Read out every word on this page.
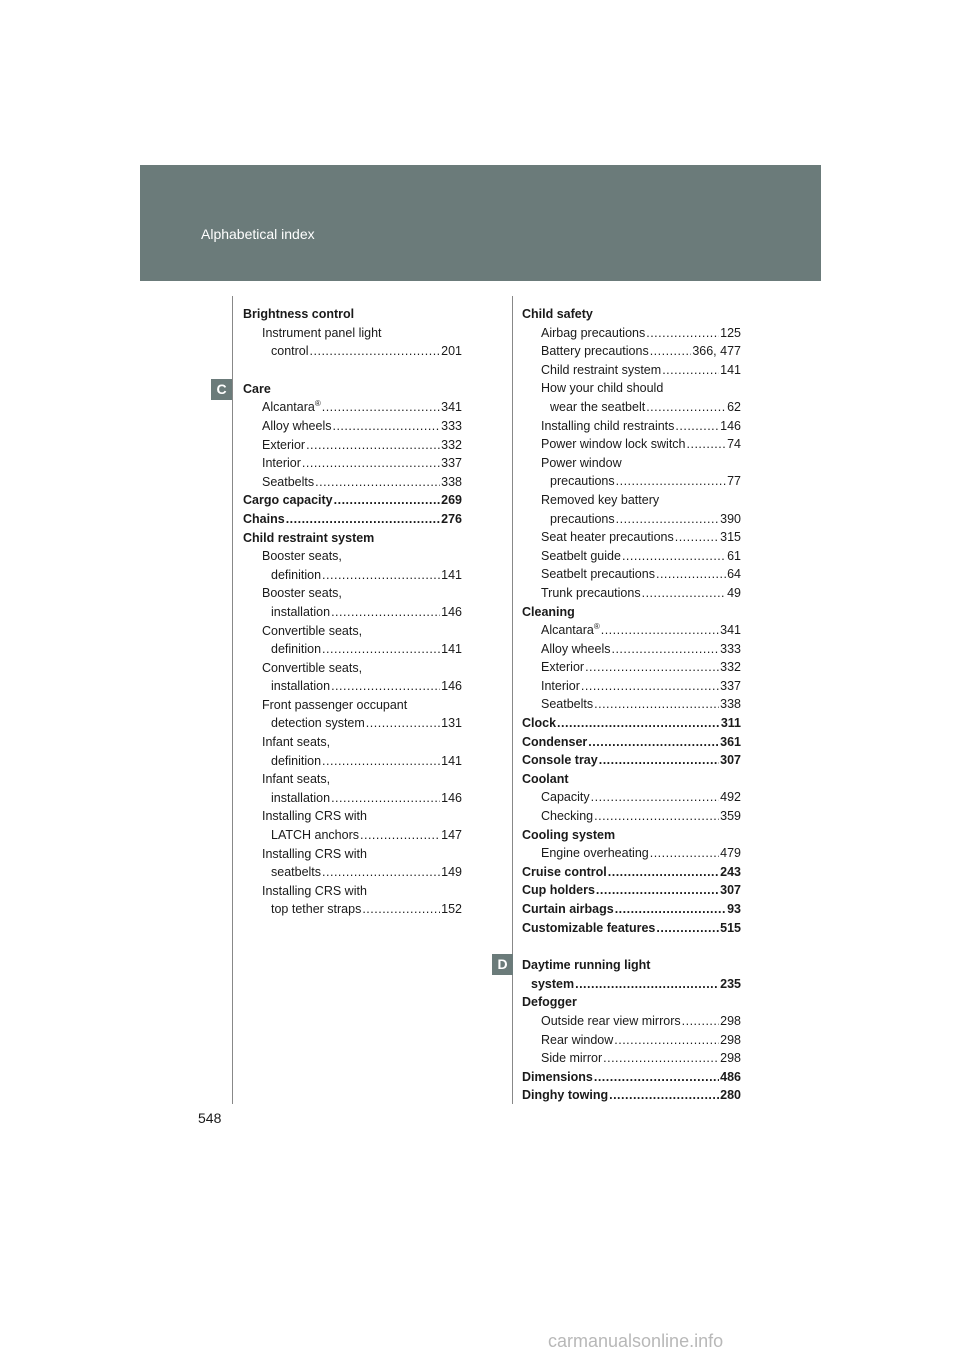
Alphabetical index
C
D
Brightness control
Instrument panel light
control .....	201
Care
Alcantara® .....	341
Alloy wheels .....	333
Exterior .....	332
Interior .....	337
Seatbelts .....	338
Cargo capacity .....	269
Chains .....	276
Child restraint system
Booster seats,
definition .....	141
Booster seats,
installation .....	146
Convertible seats,
definition .....	141
Convertible seats,
installation .....	146
Front passenger occupant
detection system .....	131
Infant seats,
definition .....	141
Infant seats,
installation .....	146
Installing CRS with
LATCH anchors .....	147
Installing CRS with
seatbelts .....	149
Installing CRS with
top tether straps .....	152
Child safety
Airbag precautions .....	125
Battery precautions .....	366, 477
Child restraint system .....	141
How your child should
wear the seatbelt .....	62
Installing child restraints .....	146
Power window lock switch .....	74
Power window
precautions .....	77
Removed key battery
precautions .....	390
Seat heater precautions .....	315
Seatbelt guide .....	61
Seatbelt precautions .....	64
Trunk precautions .....	49
Cleaning
Alcantara® .....	341
Alloy wheels .....	333
Exterior .....	332
Interior .....	337
Seatbelts .....	338
Clock .....	311
Condenser .....	361
Console tray .....	307
Coolant
Capacity .....	492
Checking .....	359
Cooling system
Engine overheating .....	479
Cruise control .....	243
Cup holders .....	307
Curtain airbags .....	93
Customizable features .....	515
Daytime running light
system .....	235
Defogger
Outside rear view mirrors .....	298
Rear window .....	298
Side mirror .....	298
Dimensions .....	486
Dinghy towing .....	280
548
carmanualsonline.info
